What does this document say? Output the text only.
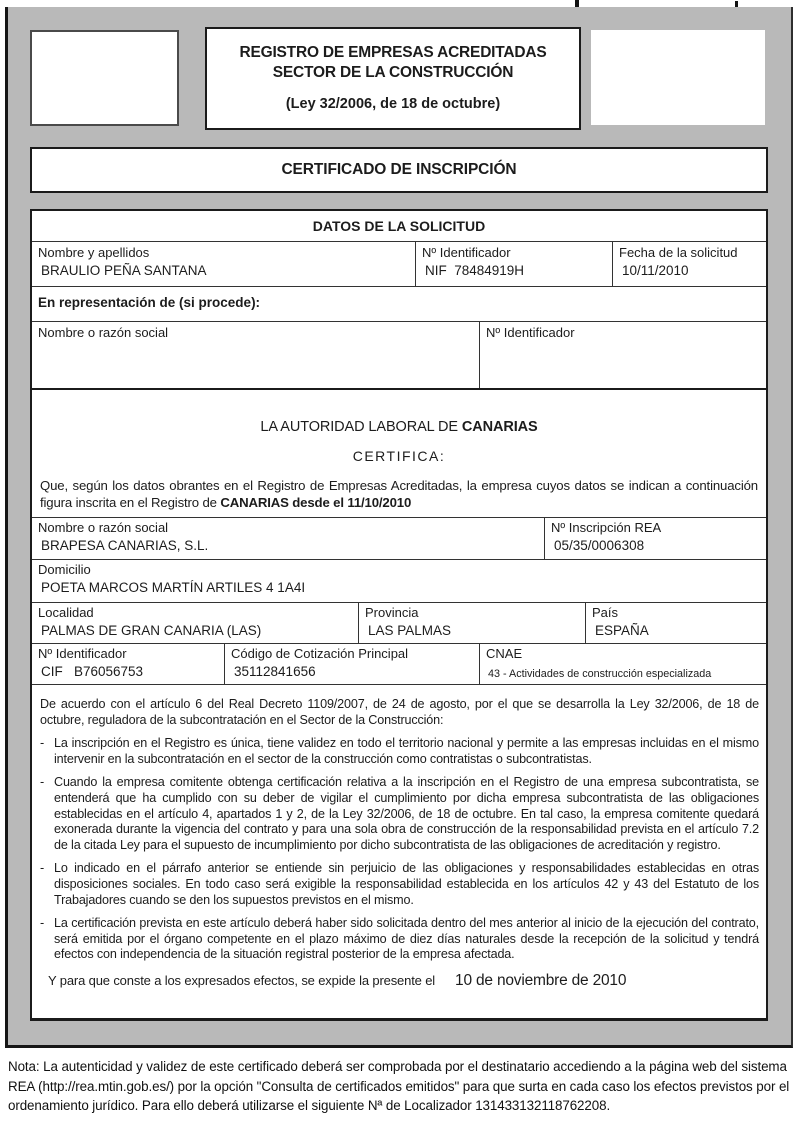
REGISTRO DE EMPRESAS ACREDITADAS
SECTOR DE LA CONSTRUCCIÓN
(Ley 32/2006, de 18 de octubre)
CERTIFICADO DE INSCRIPCIÓN
DATOS DE LA SOLICITUD
Nombre y apellidos
BRAULIO PEÑA SANTANA
Nº Identificador
NIF  78484919H
Fecha de la solicitud
10/11/2010
En representación de (si procede):
Nombre o razón social	Nº Identificador
LA AUTORIDAD LABORAL DE CANARIAS
CERTIFICA:

Que, según los datos obrantes en el Registro de Empresas Acreditadas, la empresa cuyos datos se indican a continuación figura inscrita en el Registro de CANARIAS desde el 11/10/2010

Nombre o razón social
BRAPESA CANARIAS, S.L.
Nº Inscripción REA
05/35/0006308
Domicilio
POETA MARCOS MARTÍN ARTILES 4 1A4I
Localidad
PALMAS DE GRAN CANARIA (LAS)
Provincia
LAS PALMAS
País
ESPAÑA
Nº Identificador
CIF   B76056753
Código de Cotización Principal
35112841656
CNAE
43 - Actividades de construcción especializada

De acuerdo con el artículo 6 del Real Decreto 1109/2007, de 24 de agosto, por el que se desarrolla la Ley 32/2006, de 18 de octubre, reguladora de la subcontratación en el Sector de la Construcción:

- La inscripción en el Registro es única, tiene validez en todo el territorio nacional y permite a las empresas incluidas en el mismo intervenir en la subcontratación en el sector de la construcción como contratistas o subcontratistas.

- Cuando la empresa comitente obtenga certificación relativa a la inscripción en el Registro de una empresa subcontratista, se entenderá que ha cumplido con su deber de vigilar el cumplimiento por dicha empresa subcontratista de las obligaciones establecidas en el artículo 4, apartados 1 y 2, de la Ley 32/2006, de 18 de octubre. En tal caso, la empresa comitente quedará exonerada durante la vigencia del contrato y para una sola obra de construcción de la responsabilidad prevista en el artículo 7.2 de la citada Ley para el supuesto de incumplimiento por dicho subcontratista de las obligaciones de acreditación y registro.

- Lo indicado en el párrafo anterior se entiende sin perjuicio de las obligaciones y responsabilidades establecidas en otras disposiciones sociales. En todo caso será exigible la responsabilidad establecida en los artículos 42 y 43 del Estatuto de los Trabajadores cuando se den los supuestos previstos en el mismo.

- La certificación prevista en este artículo deberá haber sido solicitada dentro del mes anterior al inicio de la ejecución del contrato, será emitida por el órgano competente en el plazo máximo de diez días naturales desde la recepción de la solicitud y tendrá efectos con independencia de la situación registral posterior de la empresa afectada.

Y para que conste a los expresados efectos, se expide la presente el 10 de noviembre de 2010
Nota: La autenticidad y validez de este certificado deberá ser comprobada por el destinatario accediendo a la página web del sistema REA (http://rea.mtin.gob.es/) por la opción "Consulta de certificados emitidos" para que surta en cada caso los efectos previstos por el ordenamiento jurídico. Para ello deberá utilizarse el siguiente Nª de Localizador 131433132118762208.
